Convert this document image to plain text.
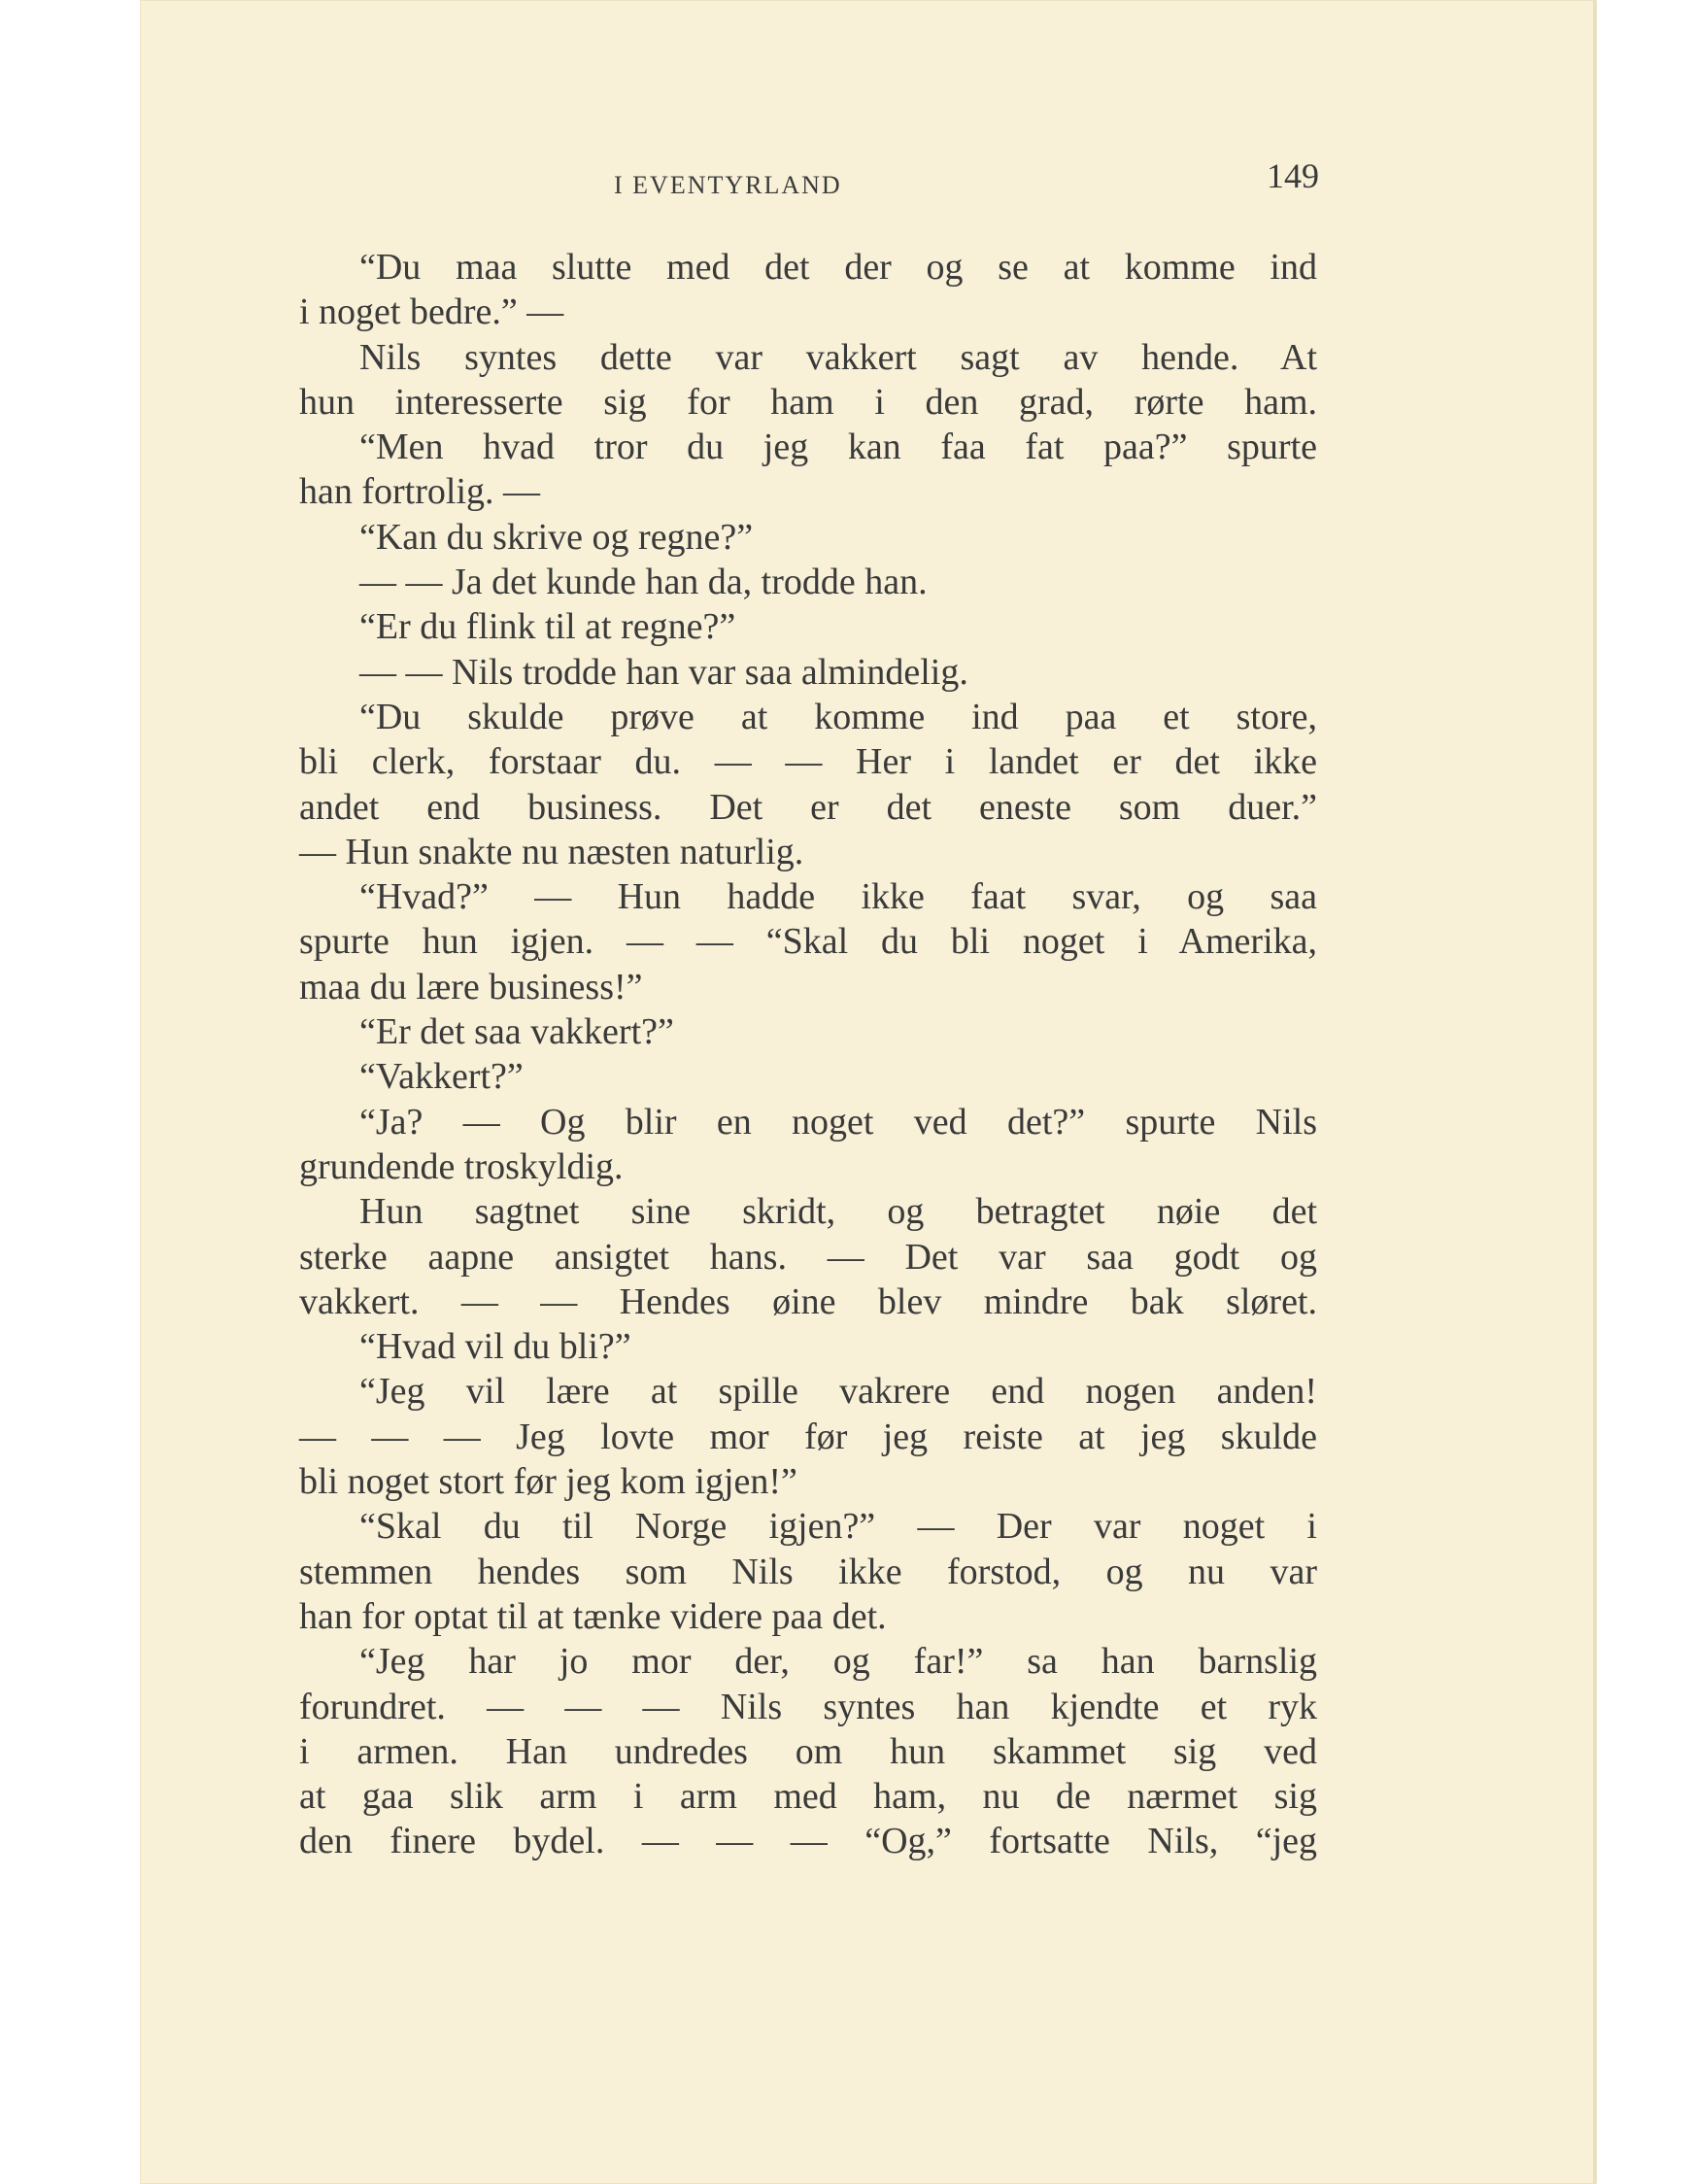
I EVENTYRLAND	149
“Du maa slutte med det der og se at komme ind
i noget bedre.” —
Nils syntes dette var vakkert sagt av hende. At
hun interesserte sig for ham i den grad, rørte ham.
“Men hvad tror du jeg kan faa fat paa?” spurte
han fortrolig. —
“Kan du skrive og regne?”
— — Ja det kunde han da, trodde han.
“Er du flink til at regne?”
— — Nils trodde han var saa almindelig.
“Du skulde prøve at komme ind paa et store,
bli clerk, forstaar du. — — Her i landet er det ikke
andet end business. Det er det eneste som duer.”
— Hun snakte nu næsten naturlig.
“Hvad?” — Hun hadde ikke faat svar, og saa
spurte hun igjen. — — “Skal du bli noget i Amerika,
maa du lære business!”
“Er det saa vakkert?”
“Vakkert?”
“Ja? — Og blir en noget ved det?” spurte Nils
grundende troskyldig.
Hun sagtnet sine skridt, og betragtet nøie det
sterke aapne ansigtet hans. — Det var saa godt og
vakkert. — — Hendes øine blev mindre bak sløret.
“Hvad vil du bli?”
“Jeg vil lære at spille vakrere end nogen anden!
— — — Jeg lovte mor før jeg reiste at jeg skulde
bli noget stort før jeg kom igjen!”
“Skal du til Norge igjen?” — Der var noget i
stemmen hendes som Nils ikke forstod, og nu var
han for optat til at tænke videre paa det.
“Jeg har jo mor der, og far!” sa han barnslig
forundret. — — — Nils syntes han kjendte et ryk
i armen. Han undredes om hun skammet sig ved
at gaa slik arm i arm med ham, nu de nærmet sig
den finere bydel. — — — “Og,” fortsatte Nils, “jeg
